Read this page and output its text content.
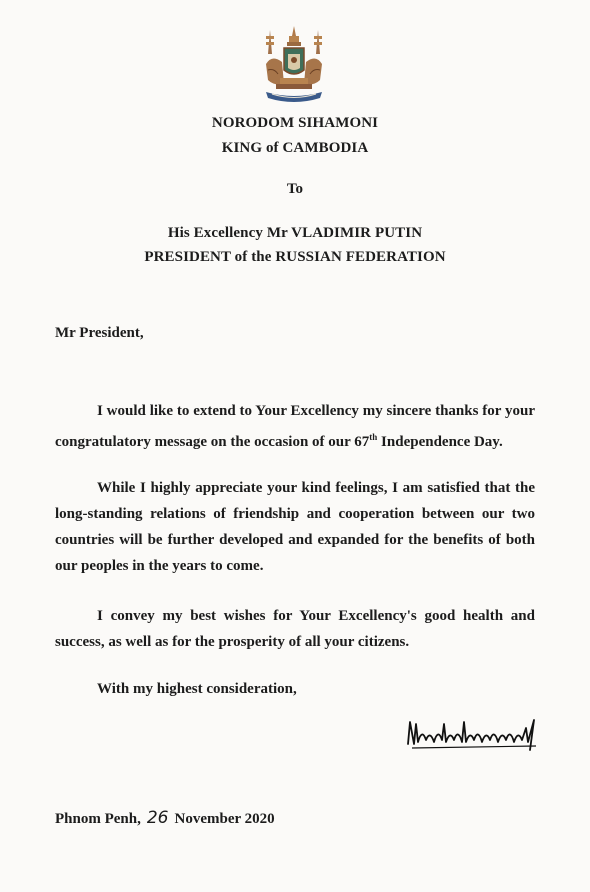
NORODOM SIHAMONI
KING of CAMBODIA
To
His Excellency Mr VLADIMIR PUTIN
PRESIDENT of the RUSSIAN FEDERATION
Mr President,
I would like to extend to Your Excellency my sincere thanks for your congratulatory message on the occasion of our 67th Independence Day.
While I highly appreciate your kind feelings, I am satisfied that the long-standing relations of friendship and cooperation between our two countries will be further developed and expanded for the benefits of both our peoples in the years to come.
I convey my best wishes for Your Excellency's good health and success, as well as for the prosperity of all your citizens.
With my highest consideration,
Phnom Penh, 26 November 2020
